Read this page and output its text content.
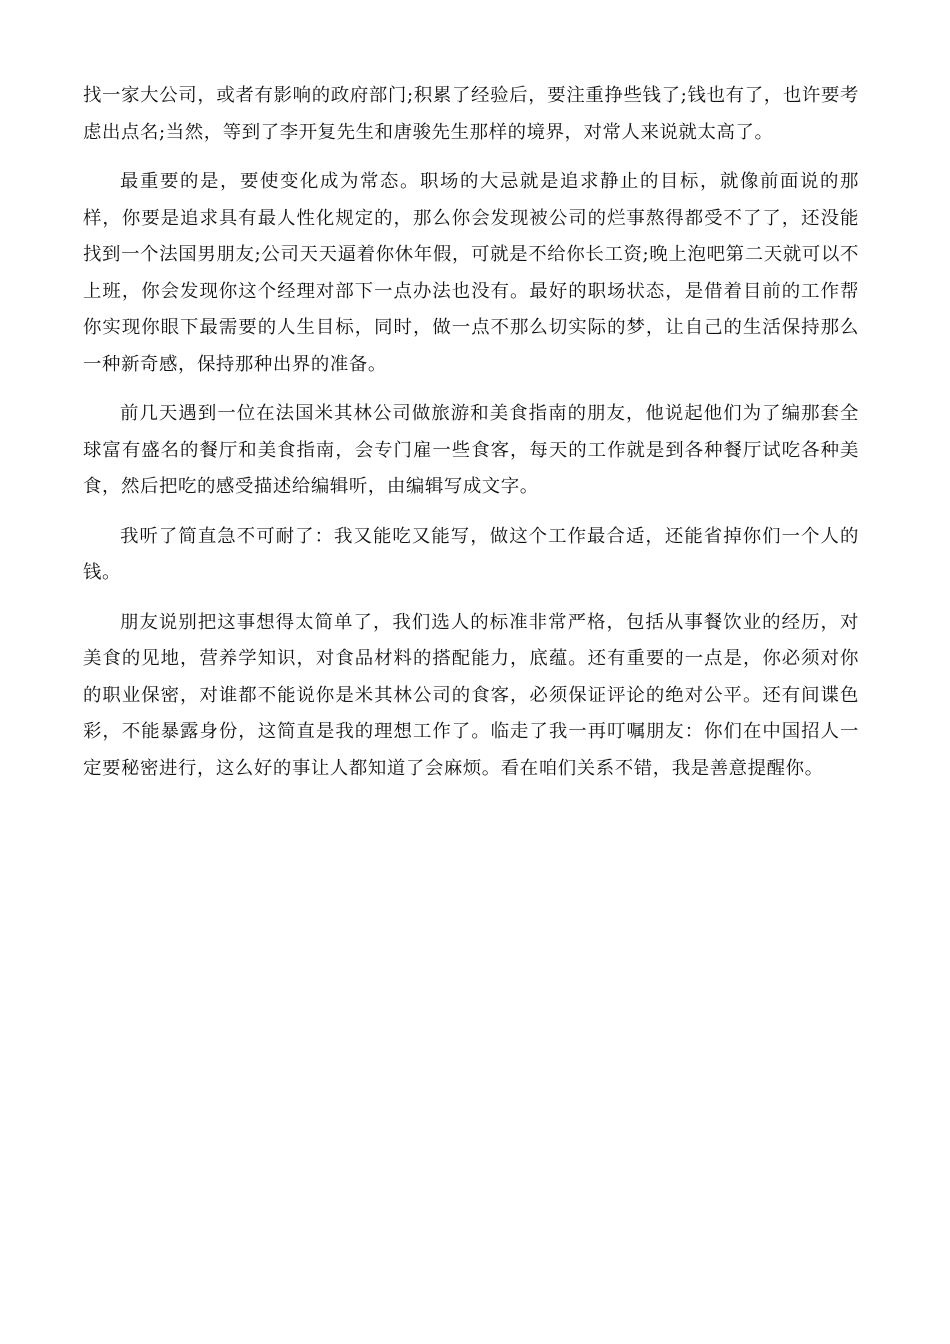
找一家大公司，或者有影响的政府部门;积累了经验后，要注重挣些钱了;钱也有了，也许要考虑出点名;当然，等到了李开复先生和唐骏先生那样的境界，对常人来说就太高了。

最重要的是，要使变化成为常态。职场的大忌就是追求静止的目标，就像前面说的那样，你要是追求具有最人性化规定的，那么你会发现被公司的烂事熬得都受不了了，还没能找到一个法国男朋友;公司天天逼着你休年假，可就是不给你长工资;晚上泡吧第二天就可以不上班，你会发现你这个经理对部下一点办法也没有。最好的职场状态，是借着目前的工作帮你实现你眼下最需要的人生目标，同时，做一点不那么切实际的梦，让自己的生活保持那么一种新奇感，保持那种出界的准备。

前几天遇到一位在法国米其林公司做旅游和美食指南的朋友，他说起他们为了编那套全球富有盛名的餐厅和美食指南，会专门雇一些食客，每天的工作就是到各种餐厅试吃各种美食，然后把吃的感受描述给编辑听，由编辑写成文字。

我听了简直急不可耐了：我又能吃又能写，做这个工作最合适，还能省掉你们一个人的钱。

朋友说别把这事想得太简单了，我们选人的标准非常严格，包括从事餐饮业的经历，对美食的见地，营养学知识，对食品材料的搭配能力，底蕴。还有重要的一点是，你必须对你的职业保密，对谁都不能说你是米其林公司的食客，必须保证评论的绝对公平。还有间谍色彩，不能暴露身份，这简直是我的理想工作了。临走了我一再叮嘱朋友：你们在中国招人一定要秘密进行，这么好的事让人都知道了会麻烦。看在咱们关系不错，我是善意提醒你。
